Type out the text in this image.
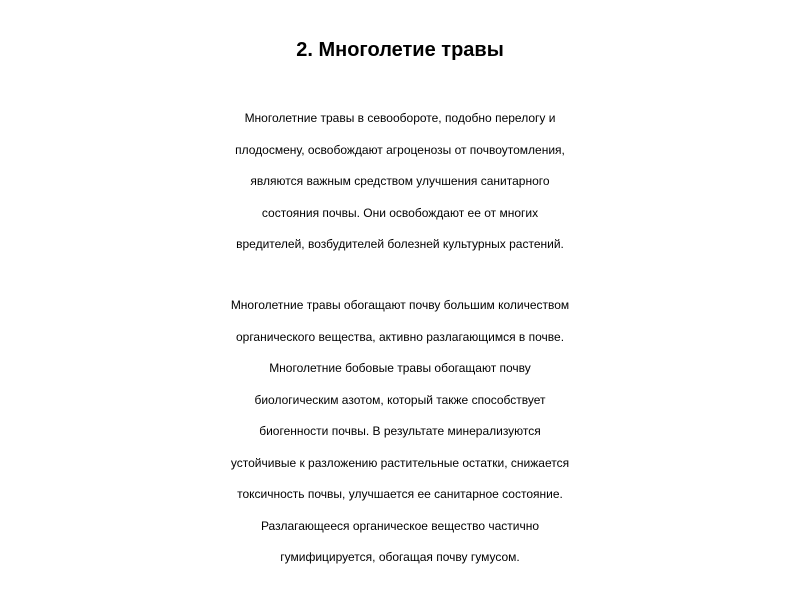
2. Многолетие травы
Многолетние травы в севообороте, подобно перелогу и
плодосмену, освобождают агроценозы от почвоутомления,
являются важным средством улучшения санитарного
состояния почвы. Они освобождают ее от многих
вредителей, возбудителей болезней культурных растений.
Многолетние травы обогащают почву большим количеством
органического вещества, активно разлагающимся в почве.
Многолетние бобовые травы обогащают почву
биологическим азотом, который также способствует
биогенности почвы. В результате минерализуются
устойчивые к разложению растительные остатки, снижается
токсичность почвы, улучшается ее санитарное состояние.
Разлагающееся органическое вещество частично
гумифицируется, обогащая почву гумусом.
